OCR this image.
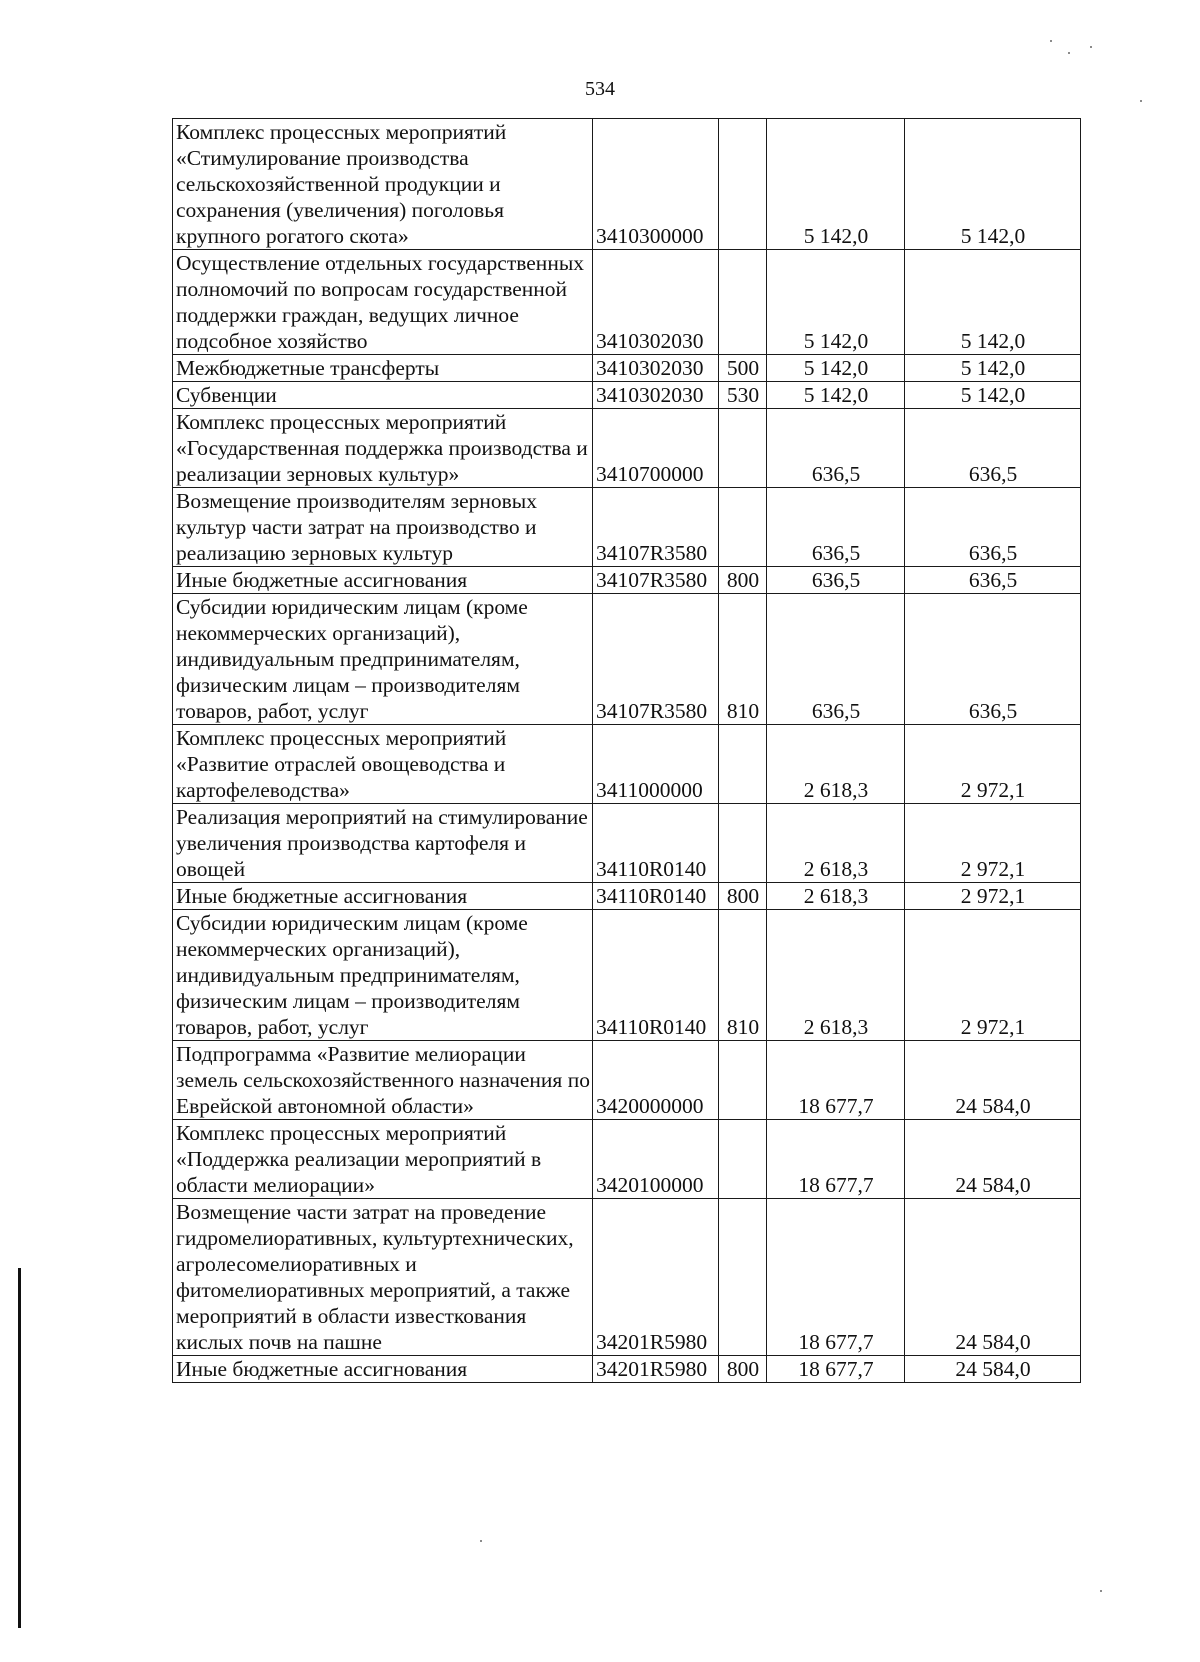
534
Комплекс процессных мероприятий «Стимулирование производства сельскохозяйственной продукции и сохранения (увеличения) поголовья крупного рогатого скота»	3410300000		5 142,0	5 142,0
Осуществление отдельных государственных полномочий по вопросам государственной поддержки граждан, ведущих личное подсобное хозяйство	3410302030		5 142,0	5 142,0
Межбюджетные трансферты	3410302030	500	5 142,0	5 142,0
Субвенции	3410302030	530	5 142,0	5 142,0
Комплекс процессных мероприятий «Государственная поддержка производства и реализации зерновых культур»	3410700000		636,5	636,5
Возмещение производителям зерновых культур части затрат на производство и реализацию зерновых культур	34107R3580		636,5	636,5
Иные бюджетные ассигнования	34107R3580	800	636,5	636,5
Субсидии юридическим лицам (кроме некоммерческих организаций), индивидуальным предпринимателям, физическим лицам – производителям товаров, работ, услуг	34107R3580	810	636,5	636,5
Комплекс процессных мероприятий «Развитие отраслей овощеводства и картофелеводства»	3411000000		2 618,3	2 972,1
Реализация мероприятий на стимулирование увеличения производства картофеля и овощей	34110R0140		2 618,3	2 972,1
Иные бюджетные ассигнования	34110R0140	800	2 618,3	2 972,1
Субсидии юридическим лицам (кроме некоммерческих организаций), индивидуальным предпринимателям, физическим лицам – производителям товаров, работ, услуг	34110R0140	810	2 618,3	2 972,1
Подпрограмма «Развитие мелиорации земель сельскохозяйственного назначения по Еврейской автономной области»	3420000000		18 677,7	24 584,0
Комплекс процессных мероприятий «Поддержка реализации мероприятий в области мелиорации»	3420100000		18 677,7	24 584,0
Возмещение части затрат на проведение гидромелиоративных, культуртехнических, агролесомелиоративных и фитомелиоративных мероприятий, а также мероприятий в области известкования кислых почв на пашне	34201R5980		18 677,7	24 584,0
Иные бюджетные ассигнования	34201R5980	800	18 677,7	24 584,0
